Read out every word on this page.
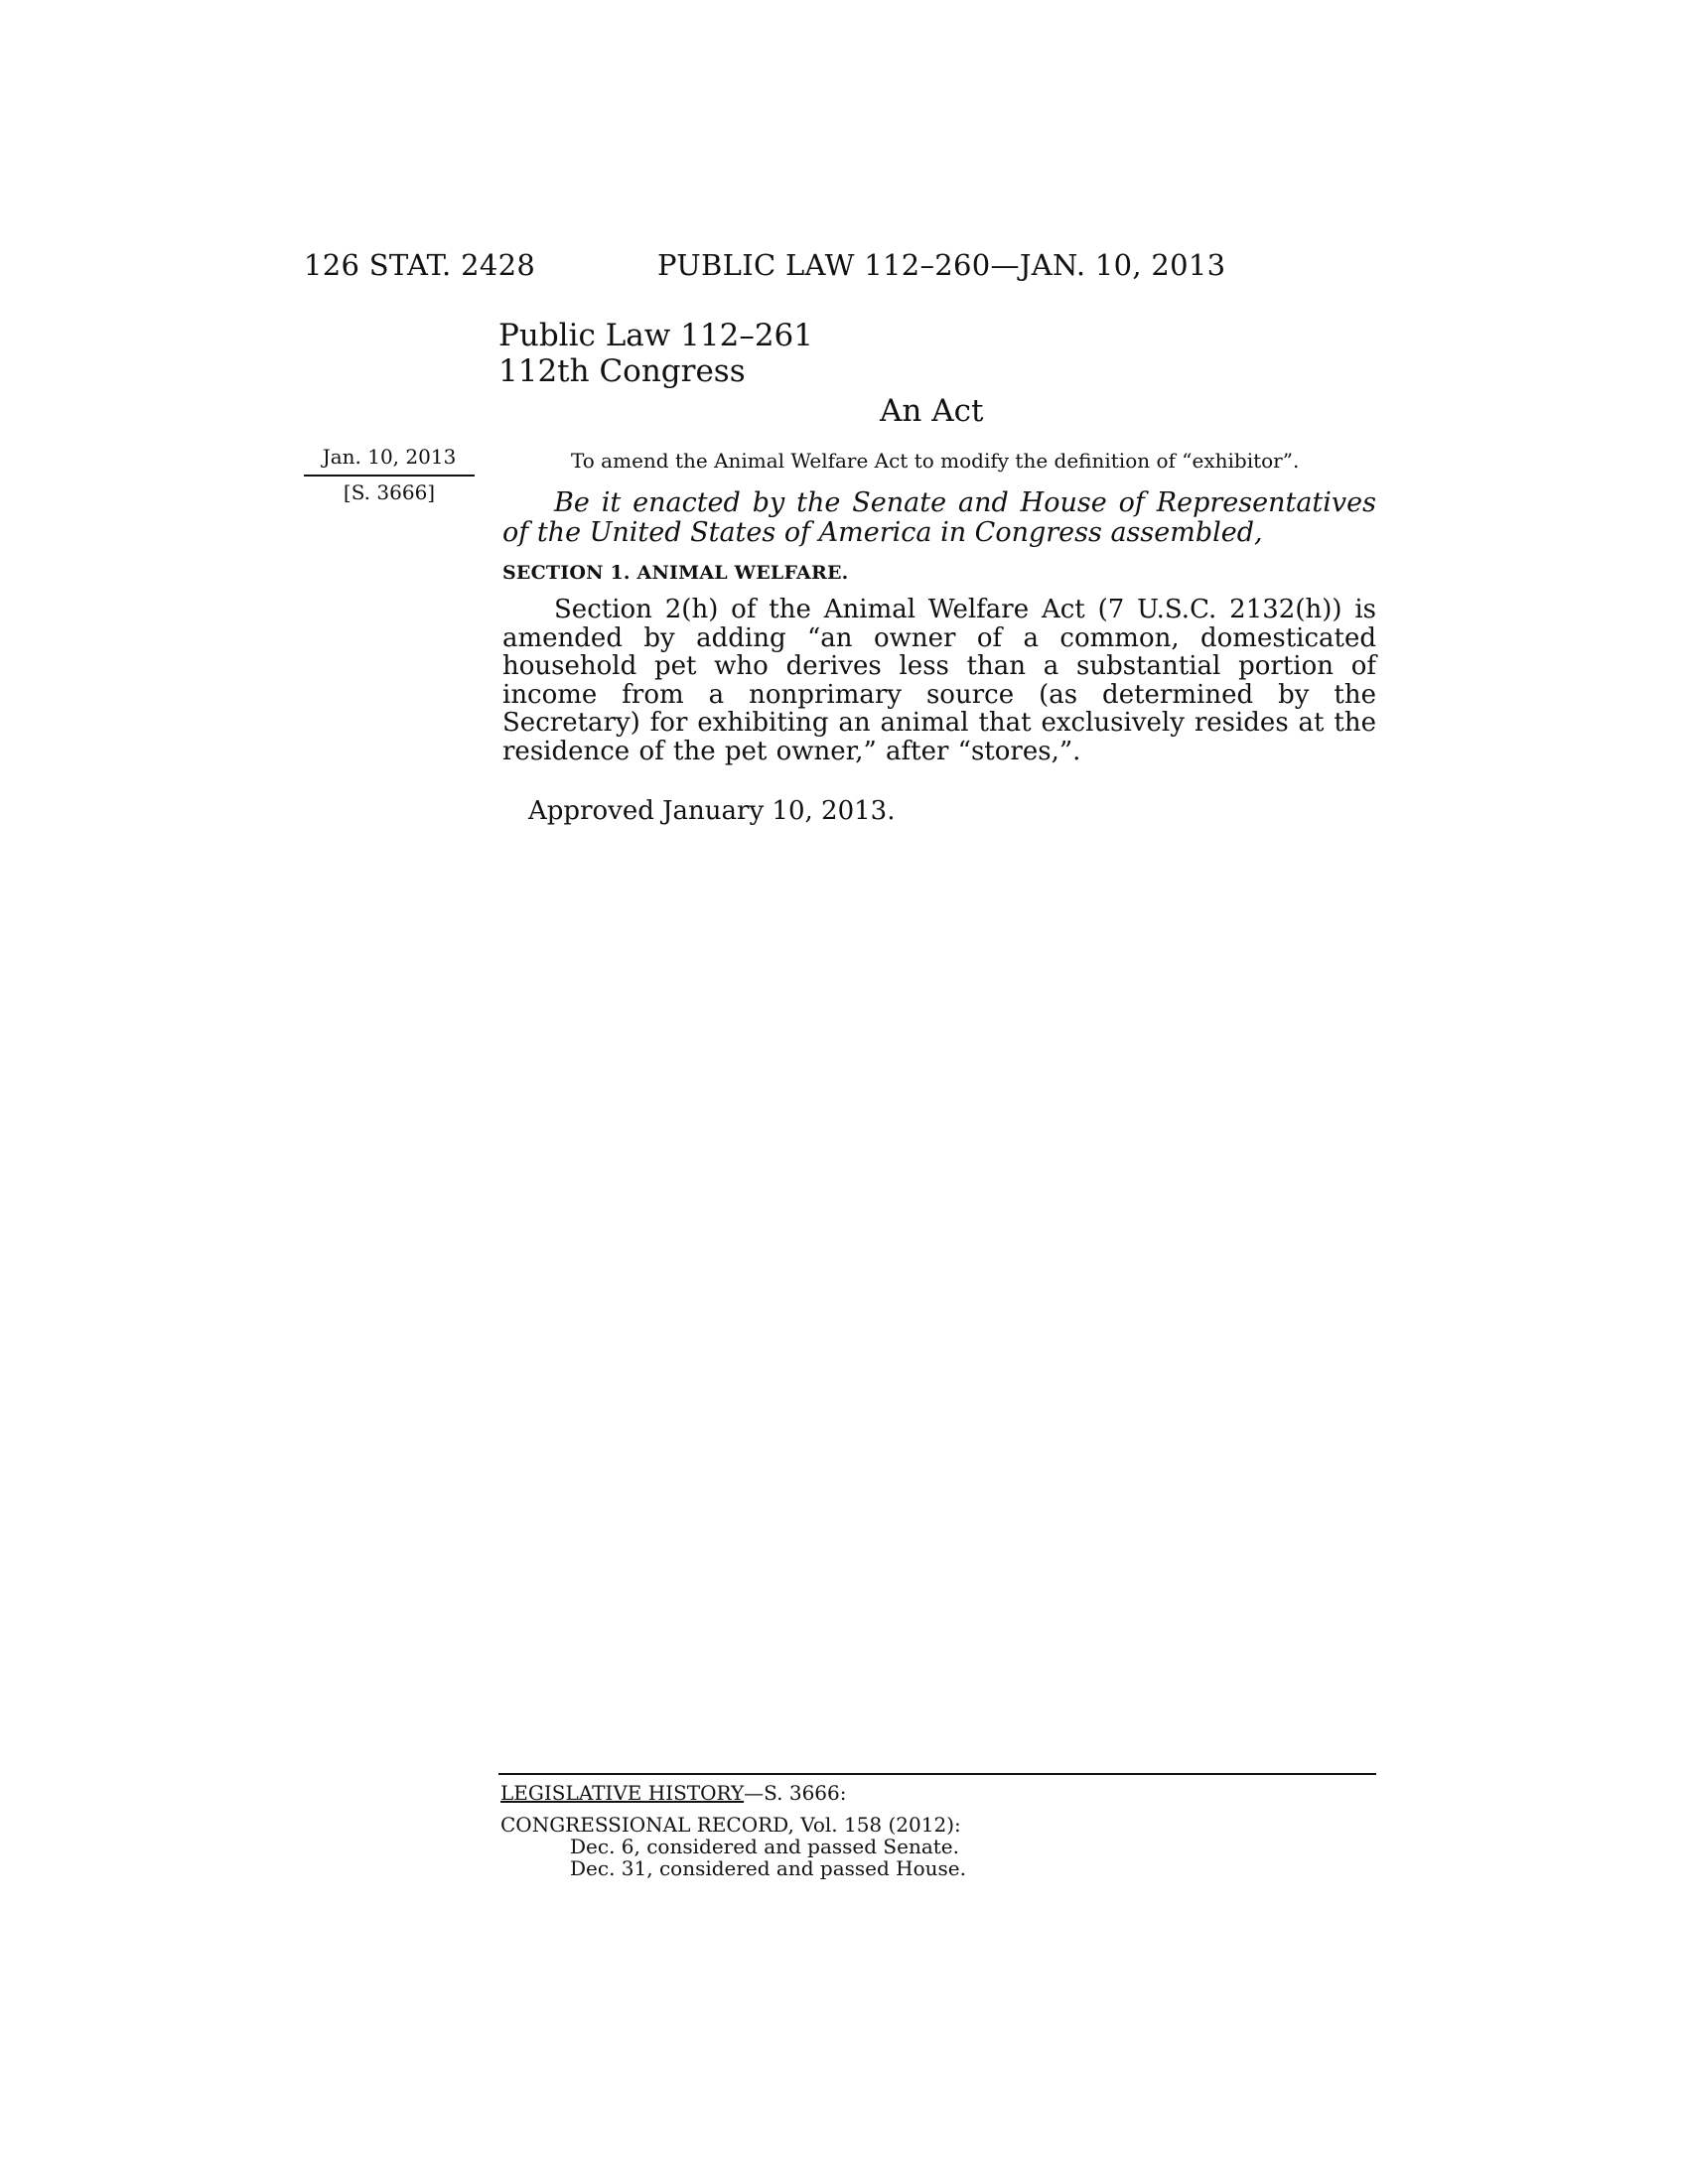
126 STAT. 2428	PUBLIC LAW 112–260—JAN. 10, 2013
Public Law 112–261
112th Congress
An Act
Jan. 10, 2013
[S. 3666]
To amend the Animal Welfare Act to modify the definition of “exhibitor”.
Be it enacted by the Senate and House of Representatives of the United States of America in Congress assembled,
SECTION 1. ANIMAL WELFARE.
Section 2(h) of the Animal Welfare Act (7 U.S.C. 2132(h)) is amended by adding “an owner of a common, domesticated household pet who derives less than a substantial portion of income from a nonprimary source (as determined by the Secretary) for exhibiting an animal that exclusively resides at the residence of the pet owner,” after “stores,”.
Approved January 10, 2013.
LEGISLATIVE HISTORY—S. 3666:
CONGRESSIONAL RECORD, Vol. 158 (2012):
Dec. 6, considered and passed Senate.
Dec. 31, considered and passed House.
